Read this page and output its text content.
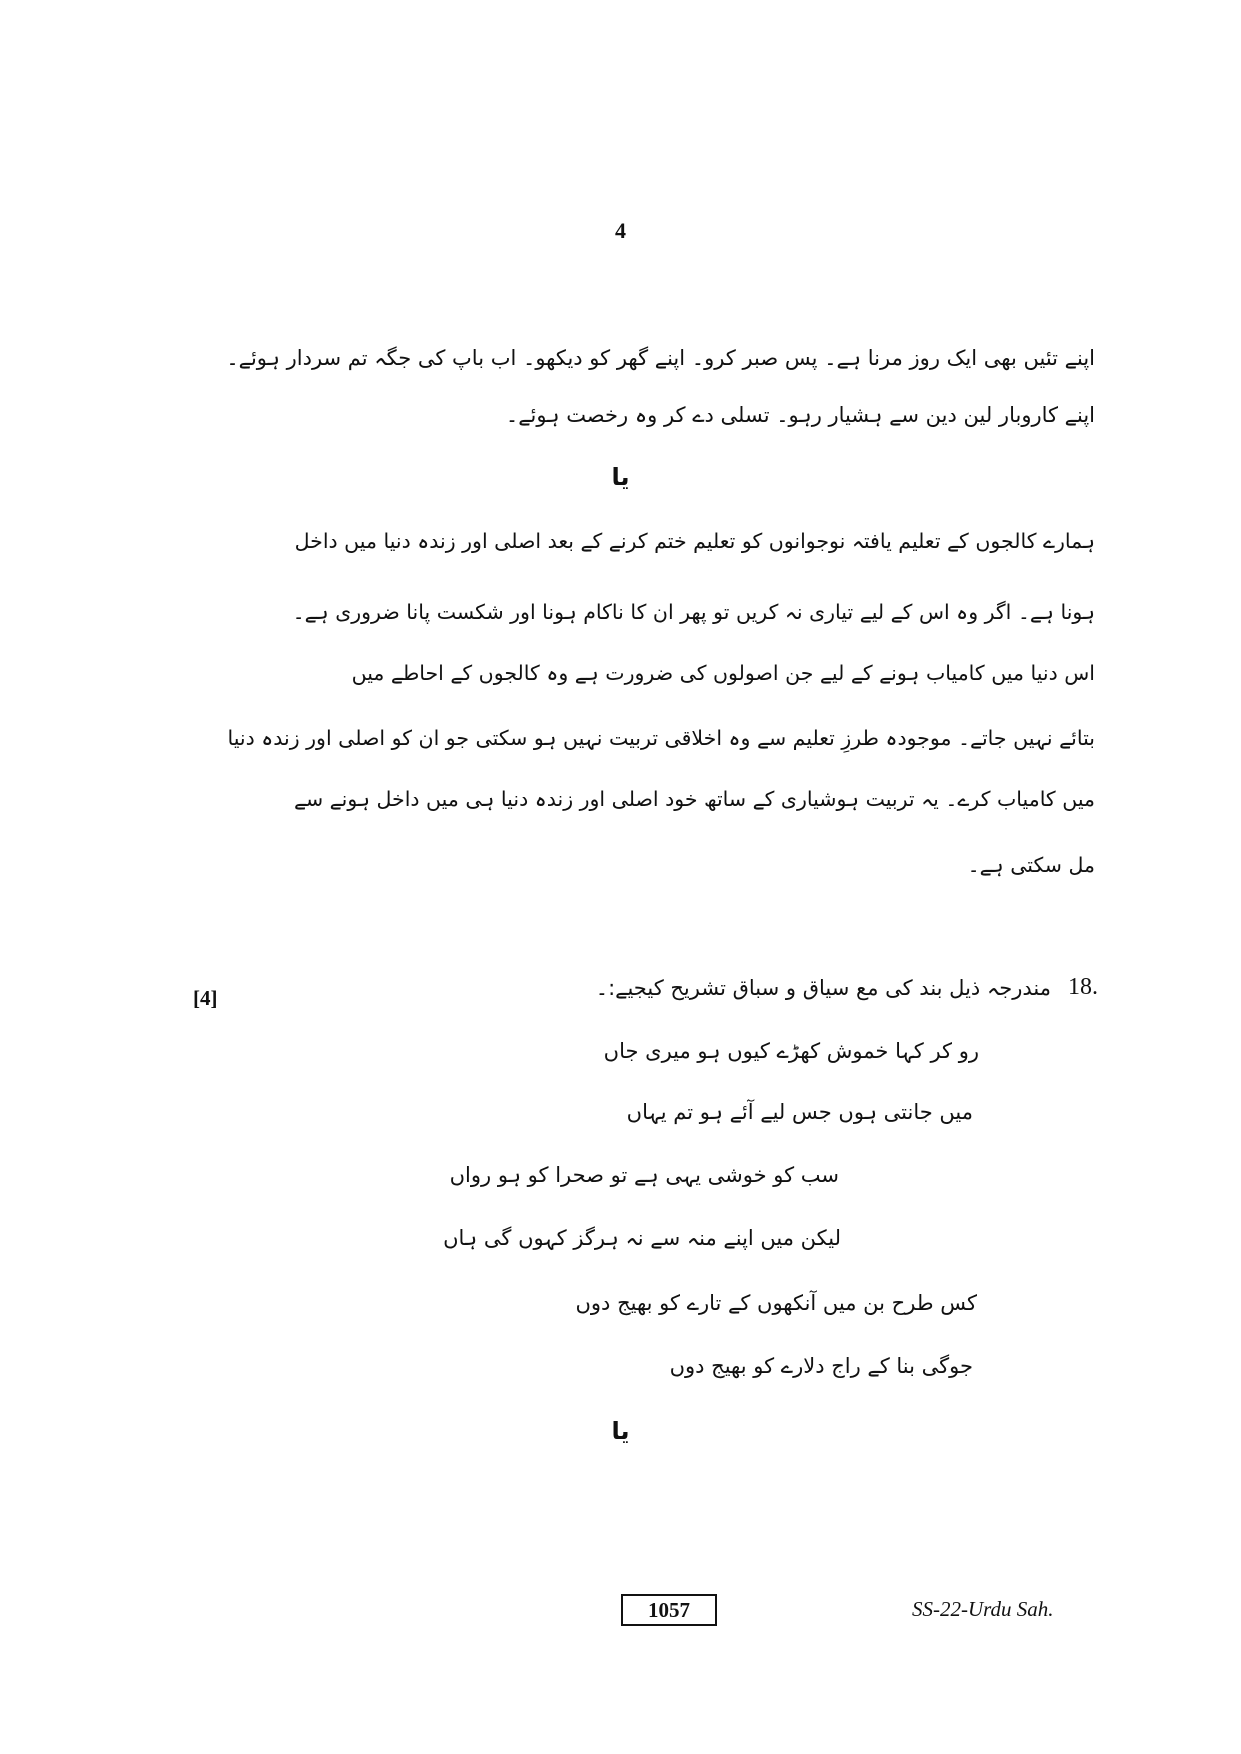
4
اپنے تئیں بھی ایک روز مرنا ہے۔ پس صبر کرو۔ اپنے گھر کو دیکھو۔ اب باپ کی جگہ تم سردار ہوئے۔
اپنے کاروبار لین دین سے ہشیار رہو۔ تسلی دے کر وہ رخصت ہوئے۔
یا
ہمارے کالجوں کے تعلیم یافتہ نوجوانوں کو تعلیم ختم کرنے کے بعد اصلی اور زندہ دنیا میں داخل
ہونا ہے۔ اگر وہ اس کے لیے تیاری نہ کریں تو پھر ان کا ناکام ہونا اور شکست پانا ضروری ہے۔
اس دنیا میں کامیاب ہونے کے لیے جن اصولوں کی ضرورت ہے وہ کالجوں کے احاطے میں
بتائے نہیں جاتے۔ موجودہ طرزِ تعلیم سے وہ اخلاقی تربیت نہیں ہو سکتی جو ان کو اصلی اور زندہ دنیا
میں کامیاب کرے۔ یہ تربیت ہوشیاری کے ساتھ خود اصلی اور زندہ دنیا ہی میں داخل ہونے سے
مل سکتی ہے۔
18.
مندرجہ ذیل بند کی مع سیاق و سباق تشریح کیجیے:۔
[4]
رو کر کہا خموش کھڑے کیوں ہو میری جاں
میں جانتی ہوں جس لیے آئے ہو تم یہاں
سب کو خوشی یہی ہے تو صحرا کو ہو رواں
لیکن میں اپنے منہ سے نہ ہرگز کہوں گی ہاں
کس طرح بن میں آنکھوں کے تارے کو بھیج دوں
جوگی بنا کے راج دلارے کو بھیج دوں
یا
1057	SS-22-Urdu Sah.
